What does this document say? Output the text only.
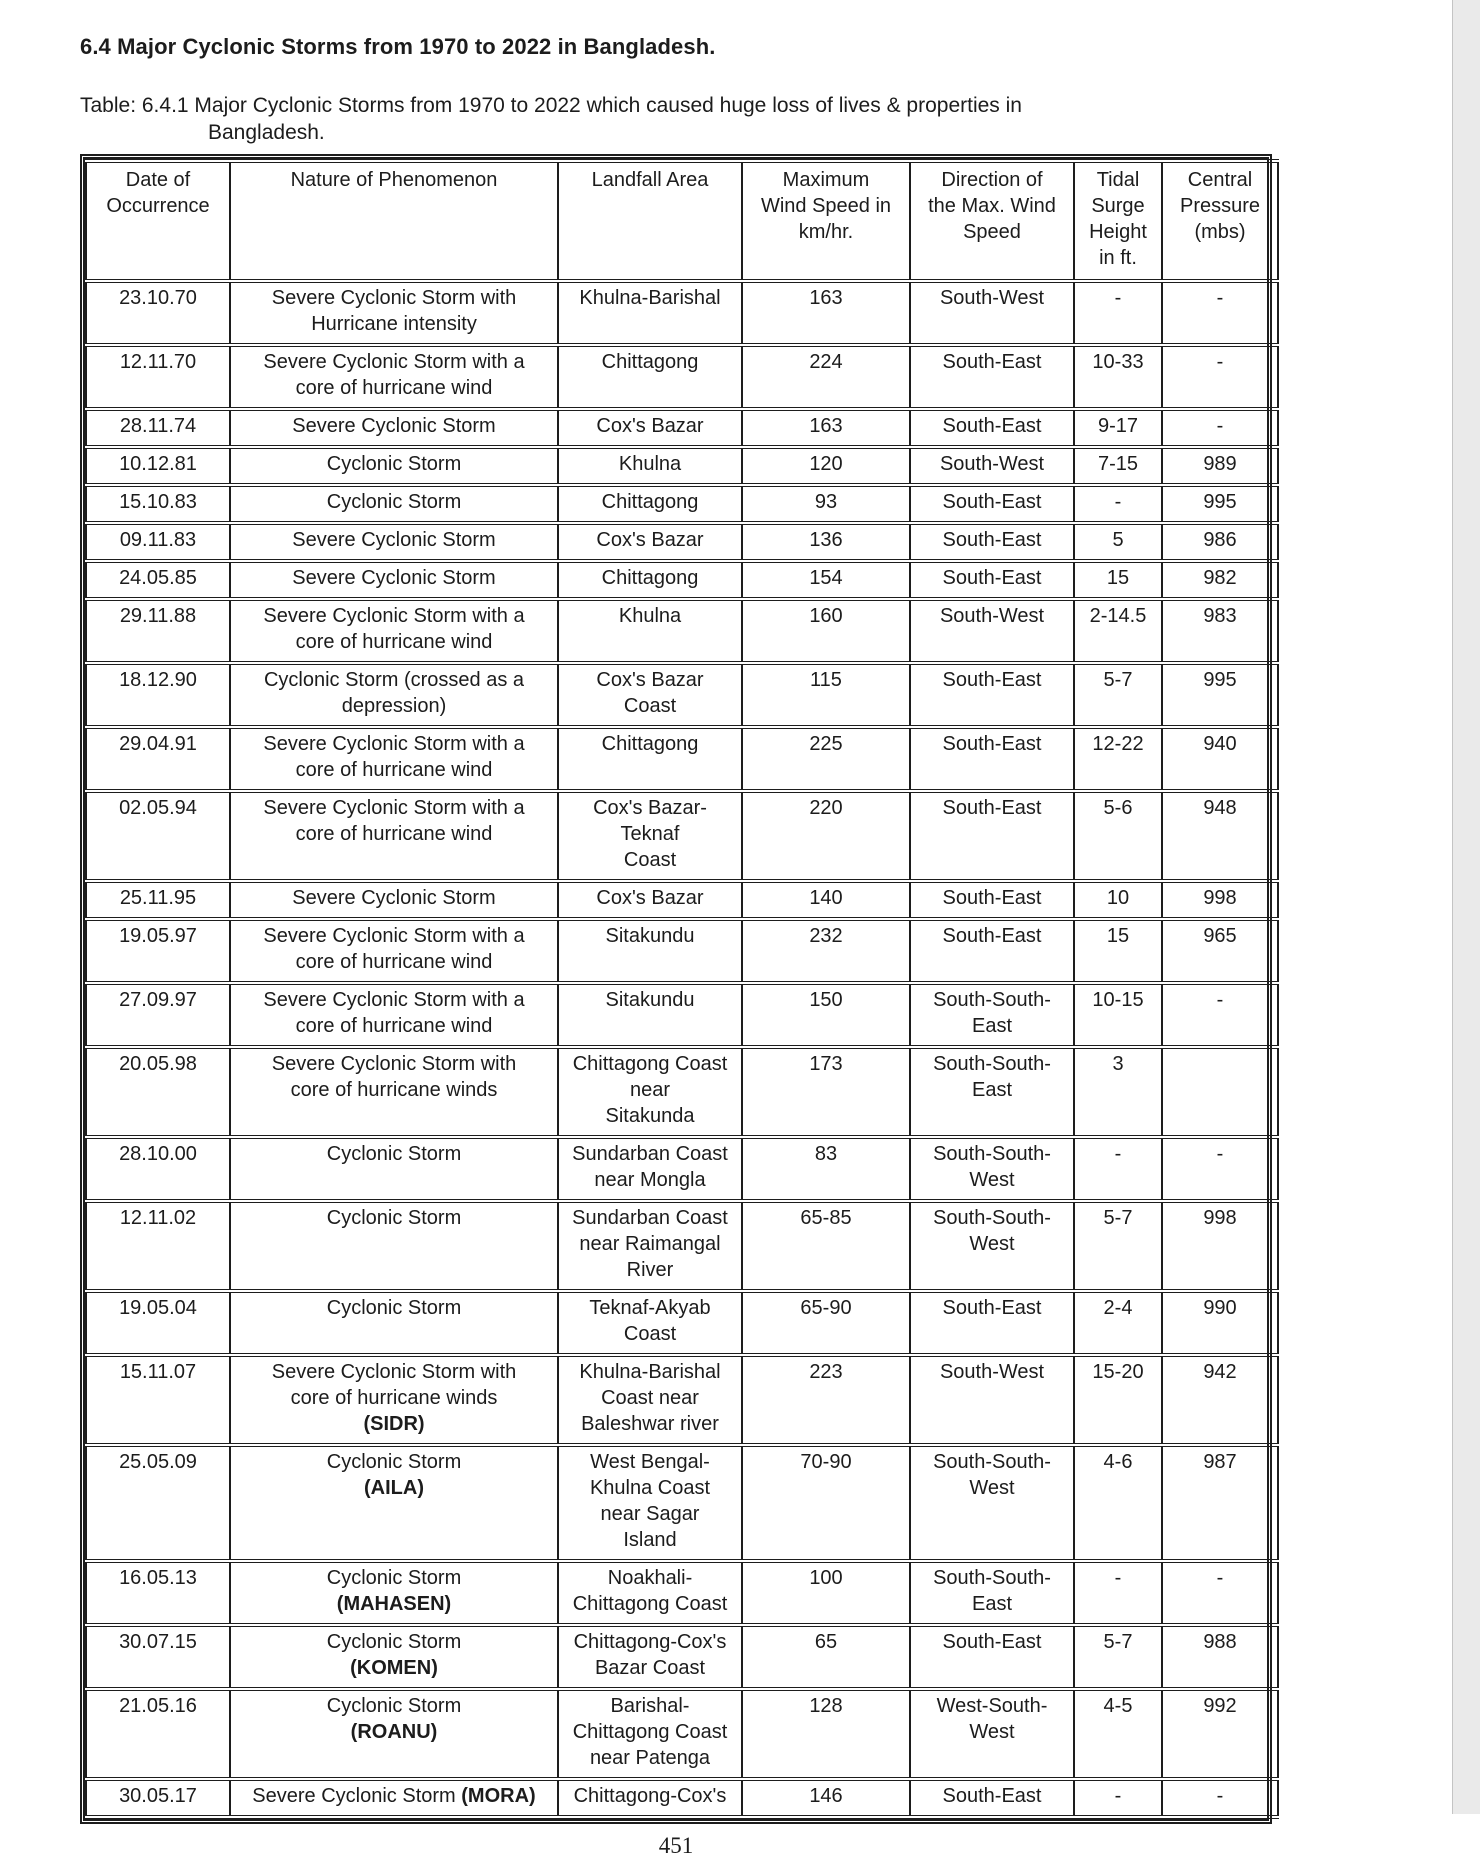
6.4 Major Cyclonic Storms from 1970 to 2022 in Bangladesh.

Table: 6.4.1 Major Cyclonic Storms from 1970 to 2022 which caused huge loss of lives & properties in
Bangladesh.

Date of
Occurrence	Nature of Phenomenon	Landfall Area	Maximum
Wind Speed in
km/hr.	Direction of
the Max. Wind
Speed	Tidal
Surge
Height
in ft.	Central
Pressure
(mbs)
23.10.70	Severe Cyclonic Storm with
Hurricane intensity	Khulna-Barishal	163	South-West	-	-
12.11.70	Severe Cyclonic Storm with a
core of hurricane wind	Chittagong	224	South-East	10-33	-
28.11.74	Severe Cyclonic Storm	Cox's Bazar	163	South-East	9-17	-
10.12.81	Cyclonic Storm	Khulna	120	South-West	7-15	989
15.10.83	Cyclonic Storm	Chittagong	93	South-East	-	995
09.11.83	Severe Cyclonic Storm	Cox's Bazar	136	South-East	5	986
24.05.85	Severe Cyclonic Storm	Chittagong	154	South-East	15	982
29.11.88	Severe Cyclonic Storm with a
core of hurricane wind	Khulna	160	South-West	2-14.5	983
18.12.90	Cyclonic Storm (crossed as a
depression)	Cox's Bazar
Coast	115	South-East	5-7	995
29.04.91	Severe Cyclonic Storm with a
core of hurricane wind	Chittagong	225	South-East	12-22	940
02.05.94	Severe Cyclonic Storm with a
core of hurricane wind	Cox's Bazar-
Teknaf
Coast	220	South-East	5-6	948
25.11.95	Severe Cyclonic Storm	Cox's Bazar	140	South-East	10	998
19.05.97	Severe Cyclonic Storm with a
core of hurricane wind	Sitakundu	232	South-East	15	965
27.09.97	Severe Cyclonic Storm with a
core of hurricane wind	Sitakundu	150	South-South-
East	10-15	-
20.05.98	Severe Cyclonic Storm with
core of hurricane winds	Chittagong Coast
near
Sitakunda	173	South-South-
East	3	
28.10.00	Cyclonic Storm	Sundarban Coast
near Mongla	83	South-South-
West	-	-
12.11.02	Cyclonic Storm	Sundarban Coast
near Raimangal
River	65-85	South-South-
West	5-7	998
19.05.04	Cyclonic Storm	Teknaf-Akyab
Coast	65-90	South-East	2-4	990
15.11.07	Severe Cyclonic Storm with
core of hurricane winds
(SIDR)	Khulna-Barishal
Coast near
Baleshwar river	223	South-West	15-20	942
25.05.09	Cyclonic Storm
(AILA)	West Bengal-
Khulna Coast
near Sagar
Island	70-90	South-South-
West	4-6	987
16.05.13	Cyclonic Storm
(MAHASEN)	Noakhali-
Chittagong Coast	100	South-South-
East	-	-
30.07.15	Cyclonic Storm
(KOMEN)	Chittagong-Cox's
Bazar Coast	65	South-East	5-7	988
21.05.16	Cyclonic Storm
(ROANU)	Barishal-
Chittagong Coast
near Patenga	128	West-South-
West	4-5	992
30.05.17	Severe Cyclonic Storm (MORA)	Chittagong-Cox's	146	South-East	-	-
451
